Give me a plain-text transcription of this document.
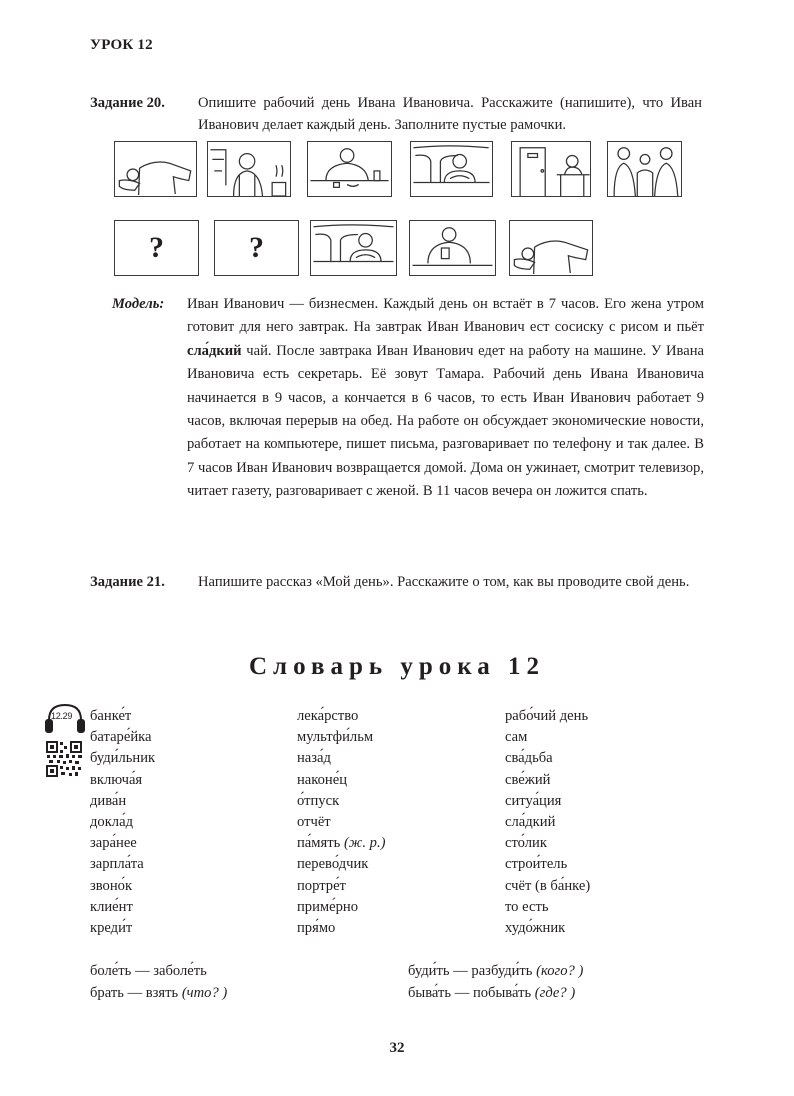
УРОК 12
Задание 20. Опишите рабочий день Ивана Ивановича. Расскажите (напишите), что Иван Иванович делает каждый день. Заполните пустые рамочки.
?	?
Модель: Иван Иванович — бизнесмен. Каждый день он встаёт в 7 часов. Его жена утром готовит для него завтрак. На завтрак Иван Иванович ест сосиску с рисом и пьёт сла́дкий чай. После завтрака Иван Иванович едет на работу на машине. У Ивана Ивановича есть секретарь. Её зовут Тамара. Рабочий день Ивана Ивановича начинается в 9 часов, а кончается в 6 часов, то есть Иван Иванович работает 9 часов, включая перерыв на обед. На работе он обсуждает экономические новости, работает на компьютере, пишет письма, разговаривает по телефону и так далее. В 7 часов Иван Иванович возвращается домой. Дома он ужинает, смотрит телевизор, читает газету, разговаривает с женой. В 11 часов вечера он ложится спать.
Задание 21. Напишите рассказ «Мой день». Расскажите о том, как вы проводите свой день.
Словарь урока 12
12.29 банке́т
батаре́йка
буди́льник
включа́я
дива́н
докла́д
зара́нее
зарпла́та
звоно́к
клие́нт
креди́т
лека́рство
мультфи́льм
наза́д
наконе́ц
о́тпуск
отчёт
па́мять (ж. р.)
перево́дчик
портре́т
приме́рно
пря́мо
рабо́чий день
сам
сва́дьба
све́жий
ситуа́ция
сла́дкий
сто́лик
строи́тель
счёт (в ба́нке)
то есть
худо́жник
боле́ть — заболе́ть
брать — взять (что? )
буди́ть — разбуди́ть (кого? )
быва́ть — побыва́ть (где? )
32
